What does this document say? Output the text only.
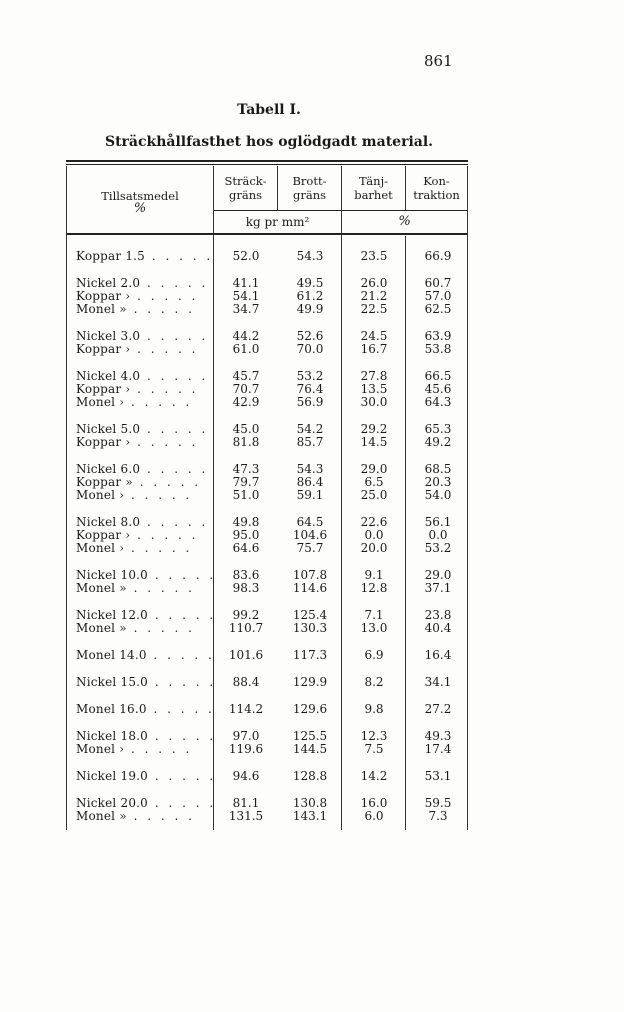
861
Tabell I.
Sträckhållfasthet hos oglödgadt material.
Tillsatsmedel
%
Sträck-
gräns
Brott-
gräns
Tänj-
barhet
Kon-
traktion
kg pr mm²	%
Koppar 1.5 . . . . .	52.0	54.3	23.5	66.9
Nickel 2.0 . . . . .	41.1	49.5	26.0	60.7
Koppar › . . . . .	54.1	61.2	21.2	57.0
Monel » . . . . .	34.7	49.9	22.5	62.5
Nickel 3.0 . . . . .	44.2	52.6	24.5	63.9
Koppar › . . . . .	61.0	70.0	16.7	53.8
Nickel 4.0 . . . . .	45.7	53.2	27.8	66.5
Koppar › . . . . .	70.7	76.4	13.5	45.6
Monel › . . . . .	42.9	56.9	30.0	64.3
Nickel 5.0 . . . . .	45.0	54.2	29.2	65.3
Koppar › . . . . .	81.8	85.7	14.5	49.2
Nickel 6.0 . . . . .	47.3	54.3	29.0	68.5
Koppar » . . . . .	79.7	86.4	6.5	20.3
Monel › . . . . .	51.0	59.1	25.0	54.0
Nickel 8.0 . . . . .	49.8	64.5	22.6	56.1
Koppar › . . . . .	95.0	104.6	0.0	0.0
Monel › . . . . .	64.6	75.7	20.0	53.2
Nickel 10.0 . . . . .	83.6	107.8	9.1	29.0
Monel » . . . . .	98.3	114.6	12.8	37.1
Nickel 12.0 . . . . .	99.2	125.4	7.1	23.8
Monel » . . . . .	110.7	130.3	13.0	40.4
Monel 14.0 . . . . .	101.6	117.3	6.9	16.4
Nickel 15.0 . . . . .	88.4	129.9	8.2	34.1
Monel 16.0 . . . . .	114.2	129.6	9.8	27.2
Nickel 18.0 . . . . .	97.0	125.5	12.3	49.3
Monel › . . . . .	119.6	144.5	7.5	17.4
Nickel 19.0 . . . . .	94.6	128.8	14.2	53.1
Nickel 20.0 . . . . .	81.1	130.8	16.0	59.5
Monel » . . . . .	131.5	143.1	6.0	7.3
